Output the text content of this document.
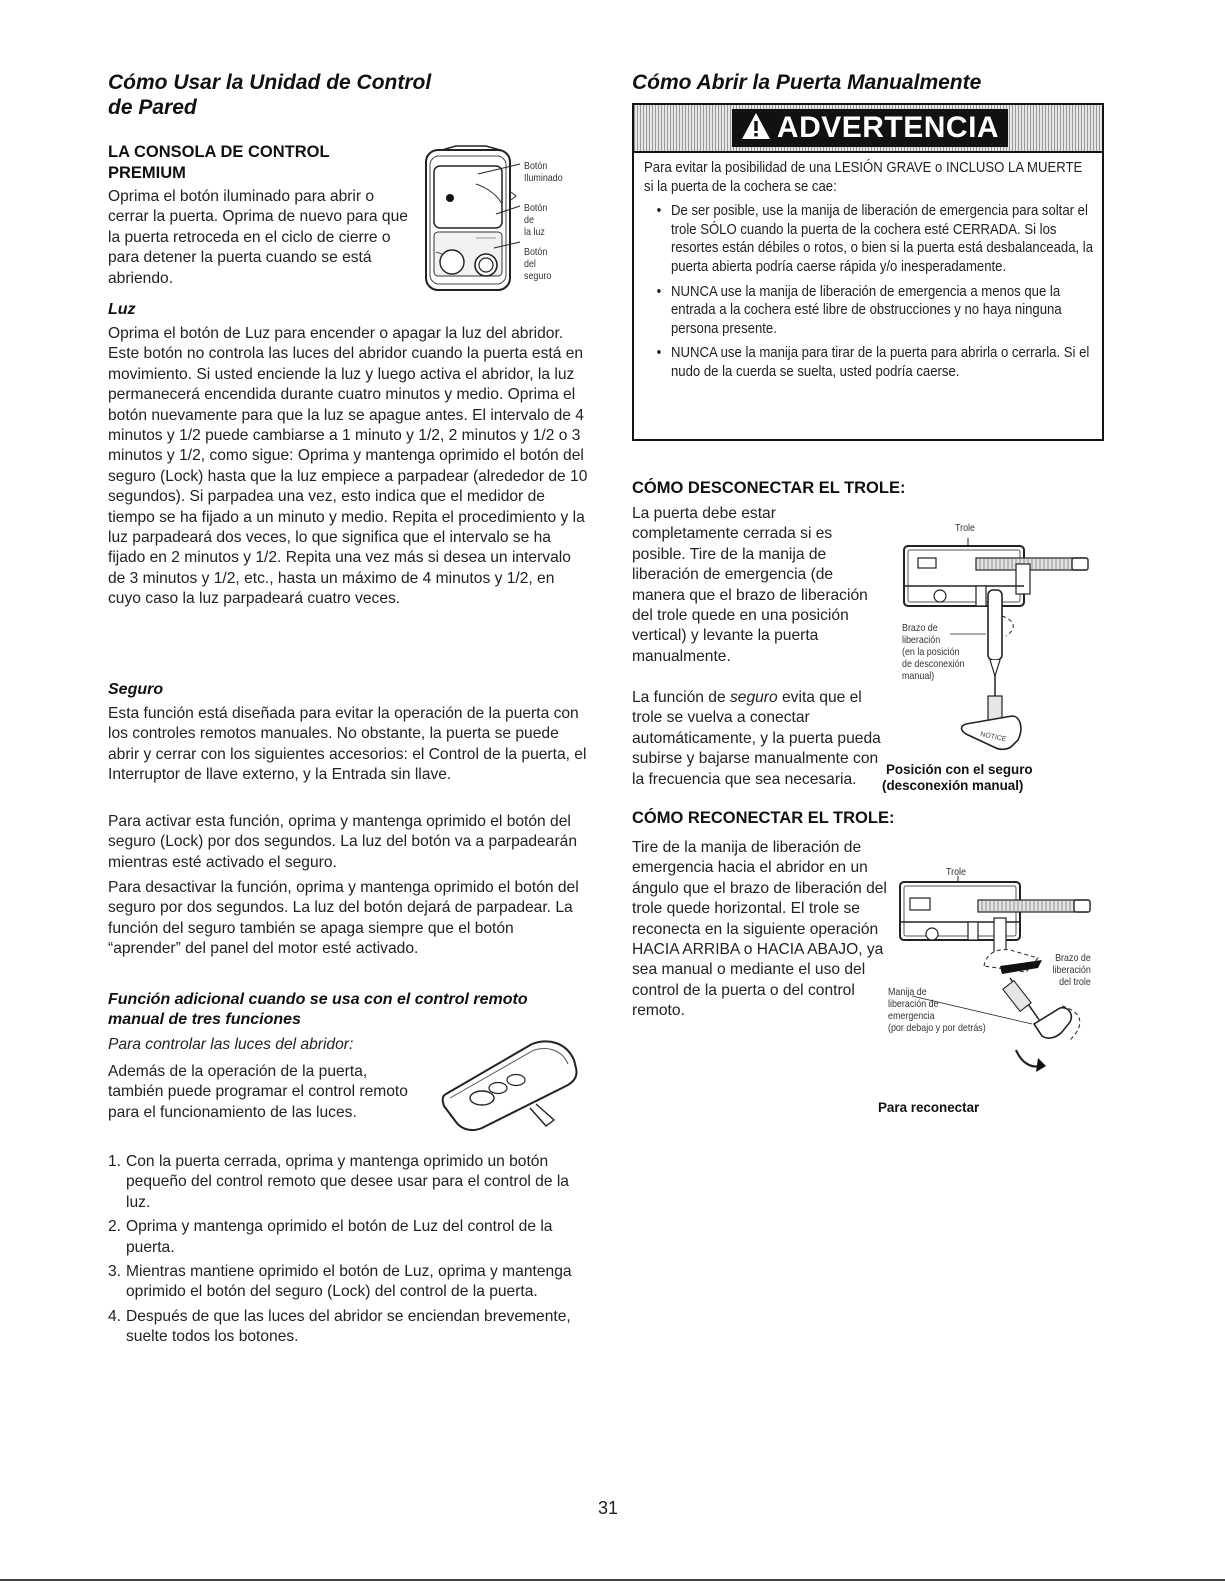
Cómo Usar la Unidad de Control
de Pared
LA CONSOLA DE CONTROL
PREMIUM

Oprima el botón iluminado para abrir o cerrar la puerta. Oprima de nuevo para que la puerta retroceda en el ciclo de cierre o para detener la puerta cuando se está abriendo.

Botón
Iluminado
Botón
de
la luz
Botón
del
seguro
Luz

Oprima el botón de Luz para encender o apagar la luz del abridor. Este botón no controla las luces del abridor cuando la puerta está en movimiento. Si usted enciende la luz y luego activa el abridor, la luz permanecerá encendida durante cuatro minutos y medio. Oprima el botón nuevamente para que la luz se apague antes. El intervalo de 4 minutos y 1/2 puede cambiarse a 1 minuto y 1/2, 2 minutos y 1/2 o 3 minutos y 1/2, como sigue: Oprima y mantenga oprimido el botón del seguro (Lock) hasta que la luz empiece a parpadear (alrededor de 10 segundos). Si parpadea una vez, esto indica que el medidor de tiempo se ha fijado a un minuto y medio. Repita el procedimiento y la luz parpadeará dos veces, lo que significa que el intervalo se ha fijado en 2 minutos y 1/2. Repita una vez más si desea un intervalo de 3 minutos y 1/2, etc., hasta un máximo de 4 minutos y 1/2, en cuyo caso la luz parpadeará cuatro veces.

Seguro

Esta función está diseñada para evitar la operación de la puerta con los controles remotos manuales. No obstante, la puerta se puede abrir y cerrar con los siguientes accesorios: el Control de la puerta, el Interruptor de llave externo, y la Entrada sin llave.

Para activar esta función, oprima y mantenga oprimido el botón del seguro (Lock) por dos segundos. La luz del botón va a parpadearán mientras esté activado el seguro.

Para desactivar la función, oprima y mantenga oprimido el botón del seguro por dos segundos. La luz del botón dejará de parpadear. La función del seguro también se apaga siempre que el botón “aprender” del panel del motor esté activado.

Función adicional cuando se usa con el control remoto manual de tres funciones
Para controlar las luces del abridor:

Además de la operación de la puerta, también puede programar el control remoto para el funcionamiento de las luces.

1. Con la puerta cerrada, oprima y mantenga oprimido un botón pequeño del control remoto que desee usar para el control de la luz.
2. Oprima y mantenga oprimido el botón de Luz del control de la puerta.
3. Mientras mantiene oprimido el botón de Luz, oprima y mantenga oprimido el botón del seguro (Lock) del control de la puerta.
4. Después de que las luces del abridor se enciendan brevemente, suelte todos los botones.
Cómo Abrir la Puerta Manualmente
ADVERTENCIA

Para evitar la posibilidad de una LESIÓN GRAVE o INCLUSO LA MUERTE si la puerta de la cochera se cae:

• De ser posible, use la manija de liberación de emergencia para soltar el trole SÓLO cuando la puerta de la cochera esté CERRADA. Si los resortes están débiles o rotos, o bien si la puerta está desbalanceada, la puerta abierta podría caerse rápida y/o inesperadamente.
• NUNCA use la manija de liberación de emergencia a menos que la entrada a la cochera esté libre de obstrucciones y no haya ninguna persona presente.
• NUNCA use la manija para tirar de la puerta para abrirla o cerrarla. Si el nudo de la cuerda se suelta, usted podría caerse.
CÓMO DESCONECTAR EL TROLE:

La puerta debe estar completamente cerrada si es posible. Tire de la manija de liberación de emergencia (de manera que el brazo de liberación del trole quede en una posición vertical) y levante la puerta manualmente.

La función de seguro evita que el trole se vuelva a conectar automáticamente, y la puerta pueda subirse y bajarse manualmente con la frecuencia que sea necesaria.

NOTICE
Trole
Brazo de
liberación
(en la posición
de desconexión
manual)
Posición con el seguro
(desconexión manual)
CÓMO RECONECTAR EL TROLE:

Tire de la manija de liberación de emergencia hacia el abridor en un ángulo que el brazo de liberación del trole quede horizontal. El trole se reconecta en la siguiente operación HACIA ARRIBA o HACIA ABAJO, ya sea manual o mediante el uso del control de la puerta o del control remoto.

Trole
Brazo de
liberación
del trole
Manija de
liberación de
emergencia
(por debajo y por detrás)
Para reconectar
31
